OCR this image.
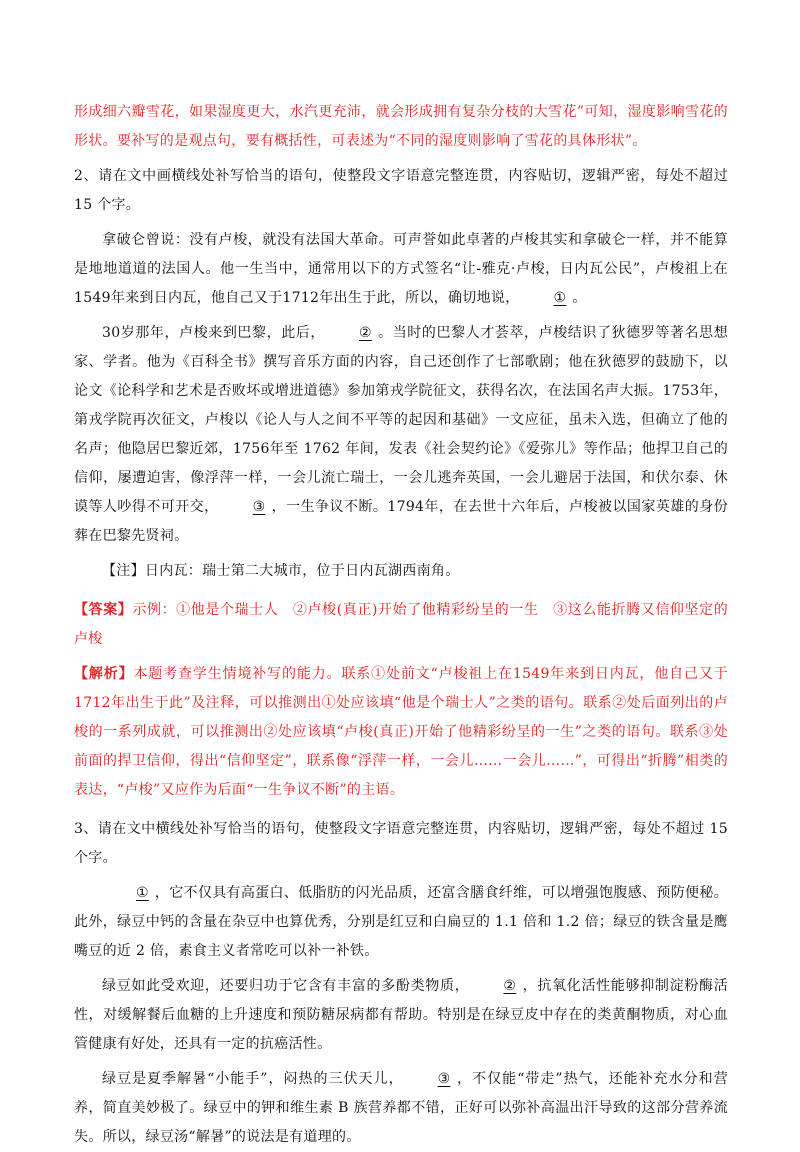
形成细六瓣雪花，如果湿度更大，水汽更充沛，就会形成拥有复杂分枝的大雪花”可知，湿度影响雪花的形状。要补写的是观点句，要有概括性，可表述为“不同的湿度则影响了雪花的具体形状”。

2、请在文中画横线处补写恰当的语句，使整段文字语意完整连贯，内容贴切，逻辑严密，每处不超过 15 个字。

拿破仑曾说：没有卢梭，就没有法国大革命。可声誉如此卓著的卢梭其实和拿破仑一样，并不能算是地地道道的法国人。他一生当中，通常用以下的方式签名“让-雅克·卢梭，日内瓦公民”，卢梭祖上在1549年来到日内瓦，他自己又于1712年出生于此，所以，确切地说， ① 。

30岁那年，卢梭来到巴黎，此后， ② 。当时的巴黎人才荟萃，卢梭结识了狄德罗等著名思想家、学者。他为《百科全书》撰写音乐方面的内容，自己还创作了七部歌剧；他在狄德罗的鼓励下，以论文《论科学和艺术是否败坏或增进道德》参加第戎学院征文，获得名次，在法国名声大振。1753年，第戎学院再次征文，卢梭以《论人与人之间不平等的起因和基础》一文应征，虽未入选，但确立了他的名声；他隐居巴黎近郊，1756年至 1762 年间，发表《社会契约论》《爱弥儿》等作品；他捍卫自己的信仰，屡遭迫害，像浮萍一样，一会儿流亡瑞士，一会儿逃奔英国，一会儿避居于法国，和伏尔泰、休谟等人吵得不可开交， ③ ，一生争议不断。1794年，在去世十六年后，卢梭被以国家英雄的身份葬在巴黎先贤祠。

【注】日内瓦：瑞士第二大城市，位于日内瓦湖西南角。

【答案】示例：①他是个瑞士人　②卢梭(真正)开始了他精彩纷呈的一生　③这么能折腾又信仰坚定的卢梭

【解析】本题考查学生情境补写的能力。联系①处前文“卢梭祖上在1549年来到日内瓦，他自己又于1712年出生于此”及注释，可以推测出①处应该填“他是个瑞士人”之类的语句。联系②处后面列出的卢梭的一系列成就，可以推测出②处应该填“卢梭(真正)开始了他精彩纷呈的一生”之类的语句。联系③处前面的捍卫信仰，得出“信仰坚定”，联系像“浮萍一样，一会儿……一会儿……”，可得出“折腾”相类的表达，“卢梭”又应作为后面“一生争议不断”的主语。

3、请在文中横线处补写恰当的语句，使整段文字语意完整连贯，内容贴切，逻辑严密，每处不超过 15 个字。

① ，它不仅具有高蛋白、低脂肪的闪光品质，还富含膳食纤维，可以增强饱腹感、预防便秘。此外，绿豆中钙的含量在杂豆中也算优秀，分别是红豆和白扁豆的 1.1 倍和 1.2 倍；绿豆的铁含量是鹰嘴豆的近 2 倍，素食主义者常吃可以补一补铁。

绿豆如此受欢迎，还要归功于它含有丰富的多酚类物质， ② ，抗氧化活性能够抑制淀粉酶活性，对缓解餐后血糖的上升速度和预防糖尿病都有帮助。特别是在绿豆皮中存在的类黄酮物质，对心血管健康有好处，还具有一定的抗癌活性。

绿豆是夏季解暑“小能手”，闷热的三伏天儿， ③ ，不仅能“带走”热气，还能补充水分和营养，简直美妙极了。绿豆中的钾和维生素 B 族营养都不错，正好可以弥补高温出汗导致的这部分营养流失。所以，绿豆汤“解暑”的说法是有道理的。
